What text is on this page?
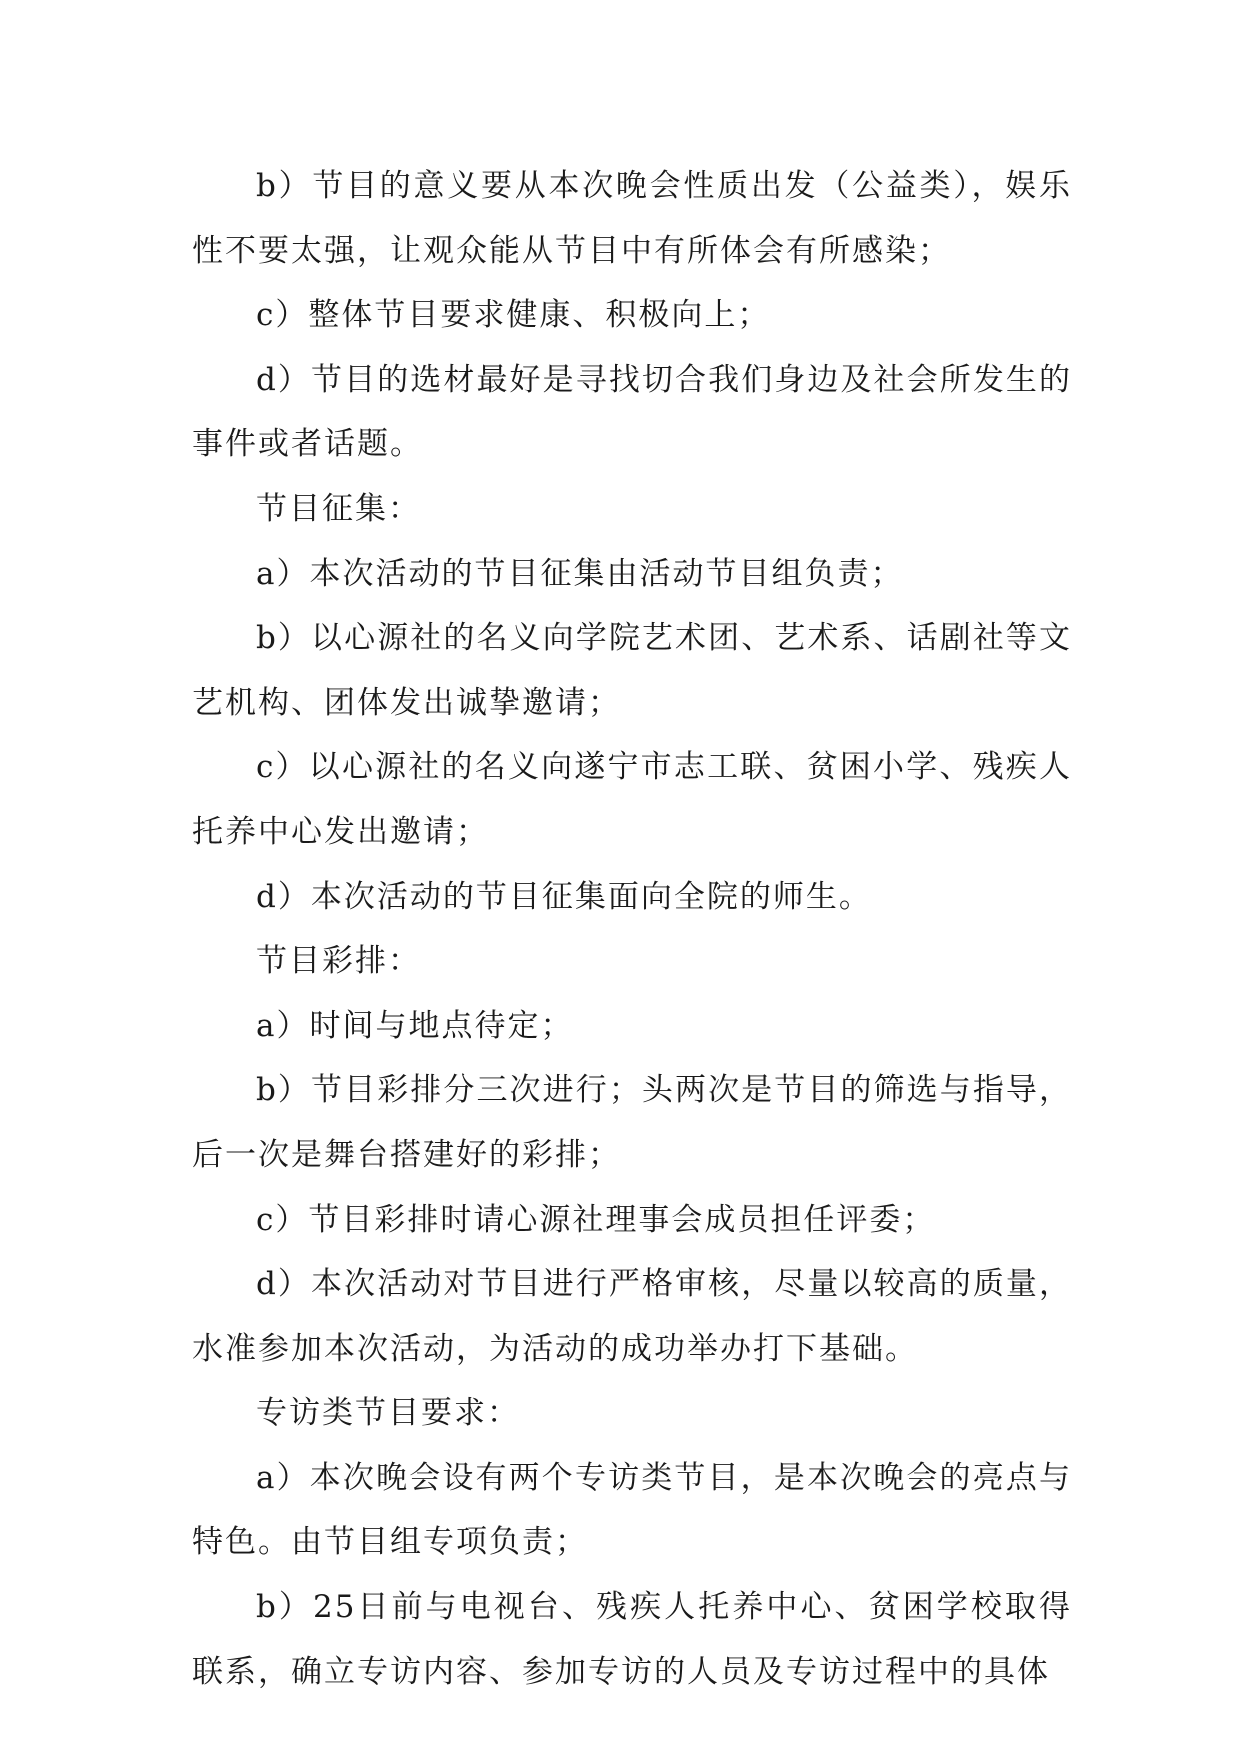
b）节目的意义要从本次晚会性质出发（公益类），娱乐性不要太强，让观众能从节目中有所体会有所感染；

c）整体节目要求健康、积极向上；

d）节目的选材最好是寻找切合我们身边及社会所发生的事件或者话题。

节目征集：

a）本次活动的节目征集由活动节目组负责；

b）以心源社的名义向学院艺术团、艺术系、话剧社等文艺机构、团体发出诚挚邀请；

c）以心源社的名义向遂宁市志工联、贫困小学、残疾人托养中心发出邀请；

d）本次活动的节目征集面向全院的师生。

节目彩排：

a）时间与地点待定；

b）节目彩排分三次进行；头两次是节目的筛选与指导，后一次是舞台搭建好的彩排；

c）节目彩排时请心源社理事会成员担任评委；

d）本次活动对节目进行严格审核，尽量以较高的质量，水准参加本次活动，为活动的成功举办打下基础。

专访类节目要求：

a）本次晚会设有两个专访类节目，是本次晚会的亮点与特色。由节目组专项负责；

b）25日前与电视台、残疾人托养中心、贫困学校取得联系，确立专访内容、参加专访的人员及专访过程中的具体
